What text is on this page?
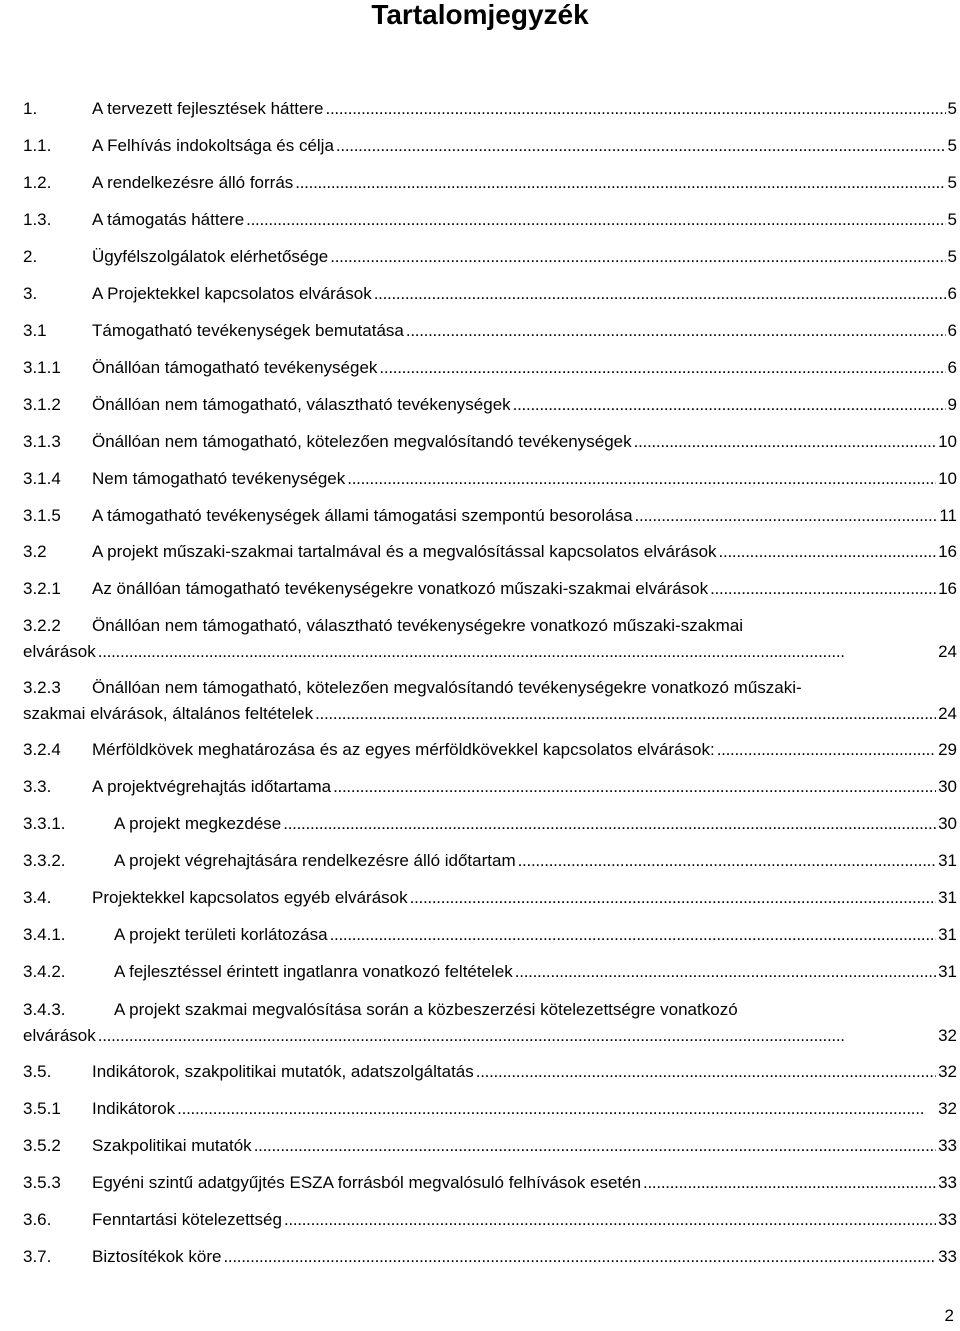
Tartalomjegyzék
1.	A tervezett fejlesztések háttere . . .	5
1.1.	A Felhívás indokoltsága és célja . . .	5
1.2.	A rendelkezésre álló forrás . . .	5
1.3.	A támogatás háttere . . .	5
2.	Ügyfélszolgálatok elérhetősége . . .	5
3.	A Projektekkel kapcsolatos elvárások . . .	6
3.1	Támogatható tevékenységek bemutatása . . .	6
3.1.1	Önállóan támogatható tevékenységek . . .	6
3.1.2	Önállóan nem támogatható, választható tevékenységek . . .	9
3.1.3	Önállóan nem támogatható, kötelezően megvalósítandó tevékenységek . . .	10
3.1.4	Nem támogatható tevékenységek . . .	10
3.1.5	A támogatható tevékenységek állami támogatási szempontú besorolása . . .	11
3.2	A projekt műszaki-szakmai tartalmával és a megvalósítással kapcsolatos elvárások . . .	16
3.2.1	Az önállóan támogatható tevékenységekre vonatkozó műszaki-szakmai elvárások . . .	16
3.2.2 Önállóan nem támogatható, választható tevékenységekre vonatkozó műszaki-szakmai
elvárások . . .	24
3.2.3 Önállóan nem támogatható, kötelezően megvalósítandó tevékenységekre vonatkozó műszaki-
szakmai elvárások, általános feltételek . . .	24
3.2.4	Mérföldkövek meghatározása és az egyes mérföldkövekkel kapcsolatos elvárások: . . .	29
3.3.	A projektvégrehajtás időtartama . . .	30
3.3.1.	A projekt megkezdése . . .	30
3.3.2.	A projekt végrehajtására rendelkezésre álló időtartam . . .	31
3.4.	Projektekkel kapcsolatos egyéb elvárások . . .	31
3.4.1.	A projekt területi korlátozása . . .	31
3.4.2.	A fejlesztéssel érintett ingatlanra vonatkozó feltételek . . .	31
3.4.3.	A projekt szakmai megvalósítása során a közbeszerzési kötelezettségre vonatkozó
elvárások . . .	32
3.5.	Indikátorok, szakpolitikai mutatók, adatszolgáltatás . . .	32
3.5.1	Indikátorok . . .	32
3.5.2	Szakpolitikai mutatók . . .	33
3.5.3	Egyéni szintű adatgyűjtés ESZA forrásból megvalósuló felhívások esetén . . .	33
3.6.	Fenntartási kötelezettség . . .	33
3.7.	Biztosítékok köre . . .	33
2
